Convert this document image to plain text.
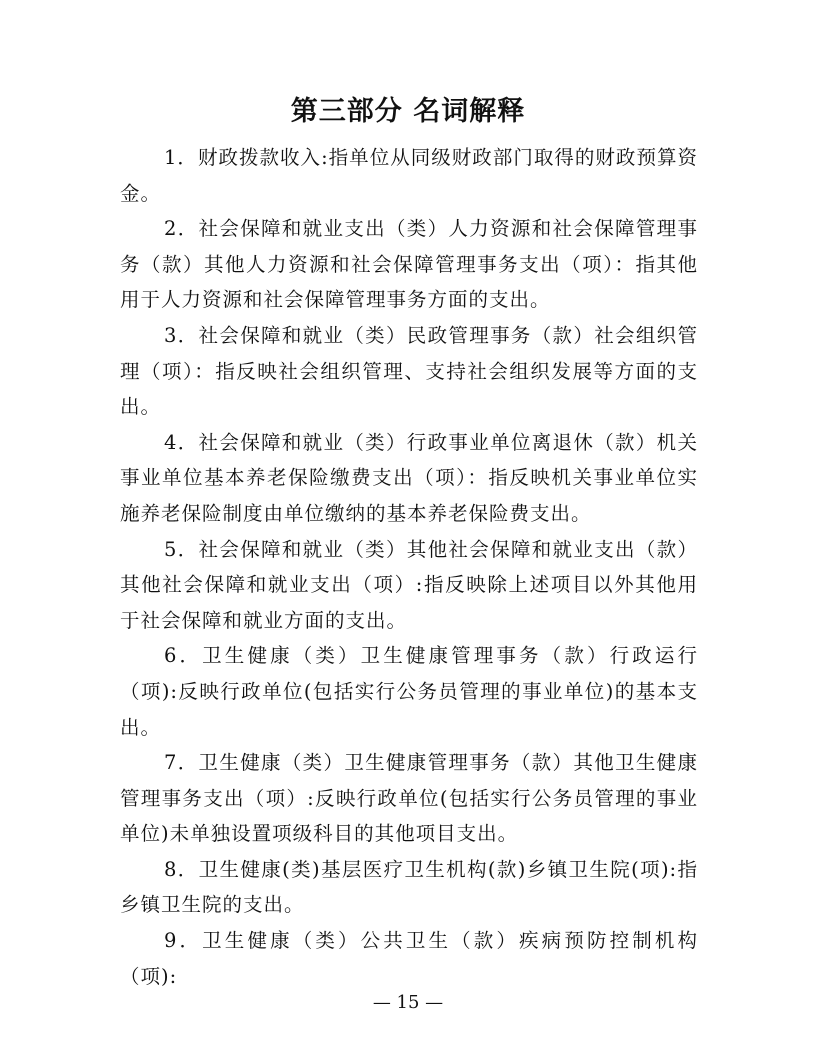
第三部分 名词解释

1．财政拨款收入:指单位从同级财政部门取得的财政预算资金。

2．社会保障和就业支出（类）人力资源和社会保障管理事务（款）其他人力资源和社会保障管理事务支出（项）：指其他用于人力资源和社会保障管理事务方面的支出。

3．社会保障和就业（类）民政管理事务（款）社会组织管理（项）：指反映社会组织管理、支持社会组织发展等方面的支出。

4．社会保障和就业（类）行政事业单位离退休（款）机关事业单位基本养老保险缴费支出（项）：指反映机关事业单位实施养老保险制度由单位缴纳的基本养老保险费支出。

5．社会保障和就业（类）其他社会保障和就业支出（款）其他社会保障和就业支出（项）:指反映除上述项目以外其他用于社会保障和就业方面的支出。

6．卫生健康（类）卫生健康管理事务（款）行政运行（项):反映行政单位(包括实行公务员管理的事业单位)的基本支出。

7．卫生健康（类）卫生健康管理事务（款）其他卫生健康管理事务支出（项）:反映行政单位(包括实行公务员管理的事业单位)未单独设置项级科目的其他项目支出。

8．卫生健康(类)基层医疗卫生机构(款)乡镇卫生院(项):指乡镇卫生院的支出。

9．卫生健康（类）公共卫生（款）疾病预防控制机构（项):

— 15 —
